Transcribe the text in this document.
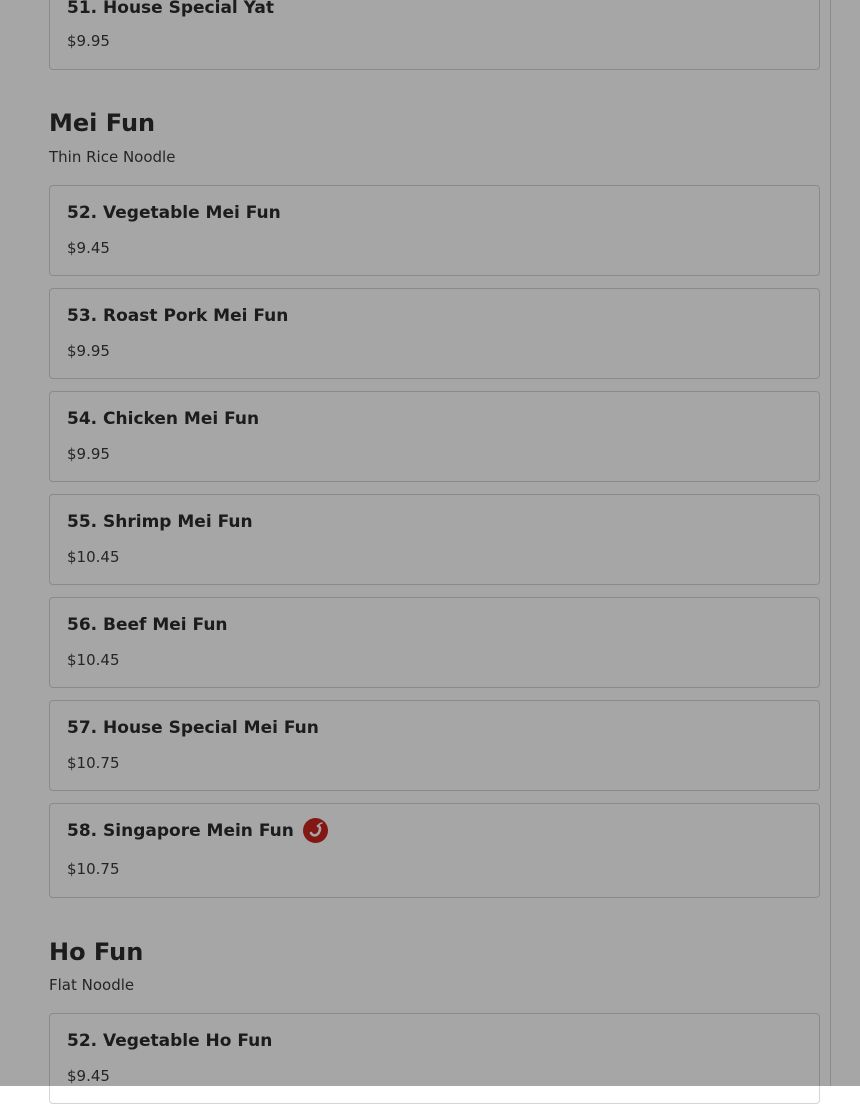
51. House Special Yat
$9.95
Mei Fun
Thin Rice Noodle
52. Vegetable Mei Fun
$9.45
53. Roast Pork Mei Fun
$9.95
54. Chicken Mei Fun
$9.95
55. Shrimp Mei Fun
$10.45
56. Beef Mei Fun
$10.45
57. House Special Mei Fun
$10.75
58. Singapore Mein Fun
$10.75
Ho Fun
Flat Noodle
52. Vegetable Ho Fun
$9.45
